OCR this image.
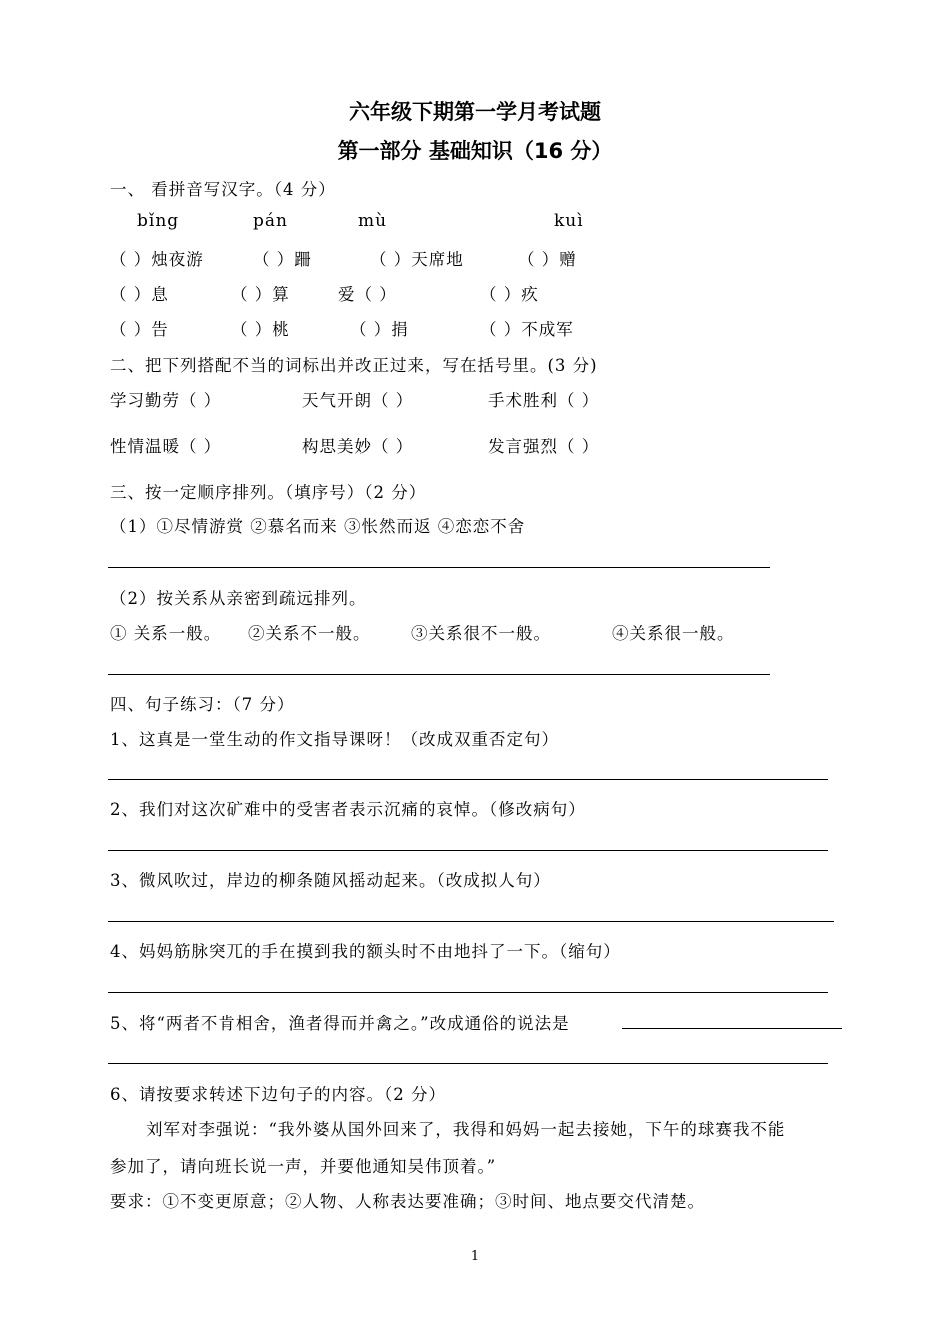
六年级下期第一学月考试题
第一部分 基础知识（16 分）
一、 看拼音写汉字。（4 分）
bǐng	pán	mù	kuì
（ ）烛夜游	（ ）跚	（ ）天席地	（ ）赠
（ ）息	（ ）算	爱（ ）	（ ）疚
（ ）告	（ ）桃	（ ）捐	（ ）不成军
二、把下列搭配不当的词标出并改正过来，写在括号里。(3 分)
学习勤劳（ ）	天气开朗（ ）	手术胜利（ ）
性情温暖（ ）	构思美妙（ ）	发言强烈（ ）
三、按一定顺序排列。（填序号）（2 分）
（1）①尽情游赏 ②慕名而来 ③怅然而返 ④恋恋不舍
（2）按关系从亲密到疏远排列。
① 关系一般。 ②关系不一般。 ③关系很不一般。	④关系很一般。
四、句子练习：（7 分）
1、这真是一堂生动的作文指导课呀！（改成双重否定句）
2、我们对这次矿难中的受害者表示沉痛的哀悼。（修改病句）
3、微风吹过，岸边的柳条随风摇动起来。（改成拟人句）
4、妈妈筋脉突兀的手在摸到我的额头时不由地抖了一下。（缩句）
5、将“两者不肯相舍，渔者得而并禽之。”改成通俗的说法是
6、请按要求转述下边句子的内容。（2 分）
刘军对李强说：“我外婆从国外回来了，我得和妈妈一起去接她，下午的球赛我不能
参加了，请向班长说一声，并要他通知吴伟顶着。”
要求：①不变更原意；②人物、人称表达要准确；③时间、地点要交代清楚。
1
